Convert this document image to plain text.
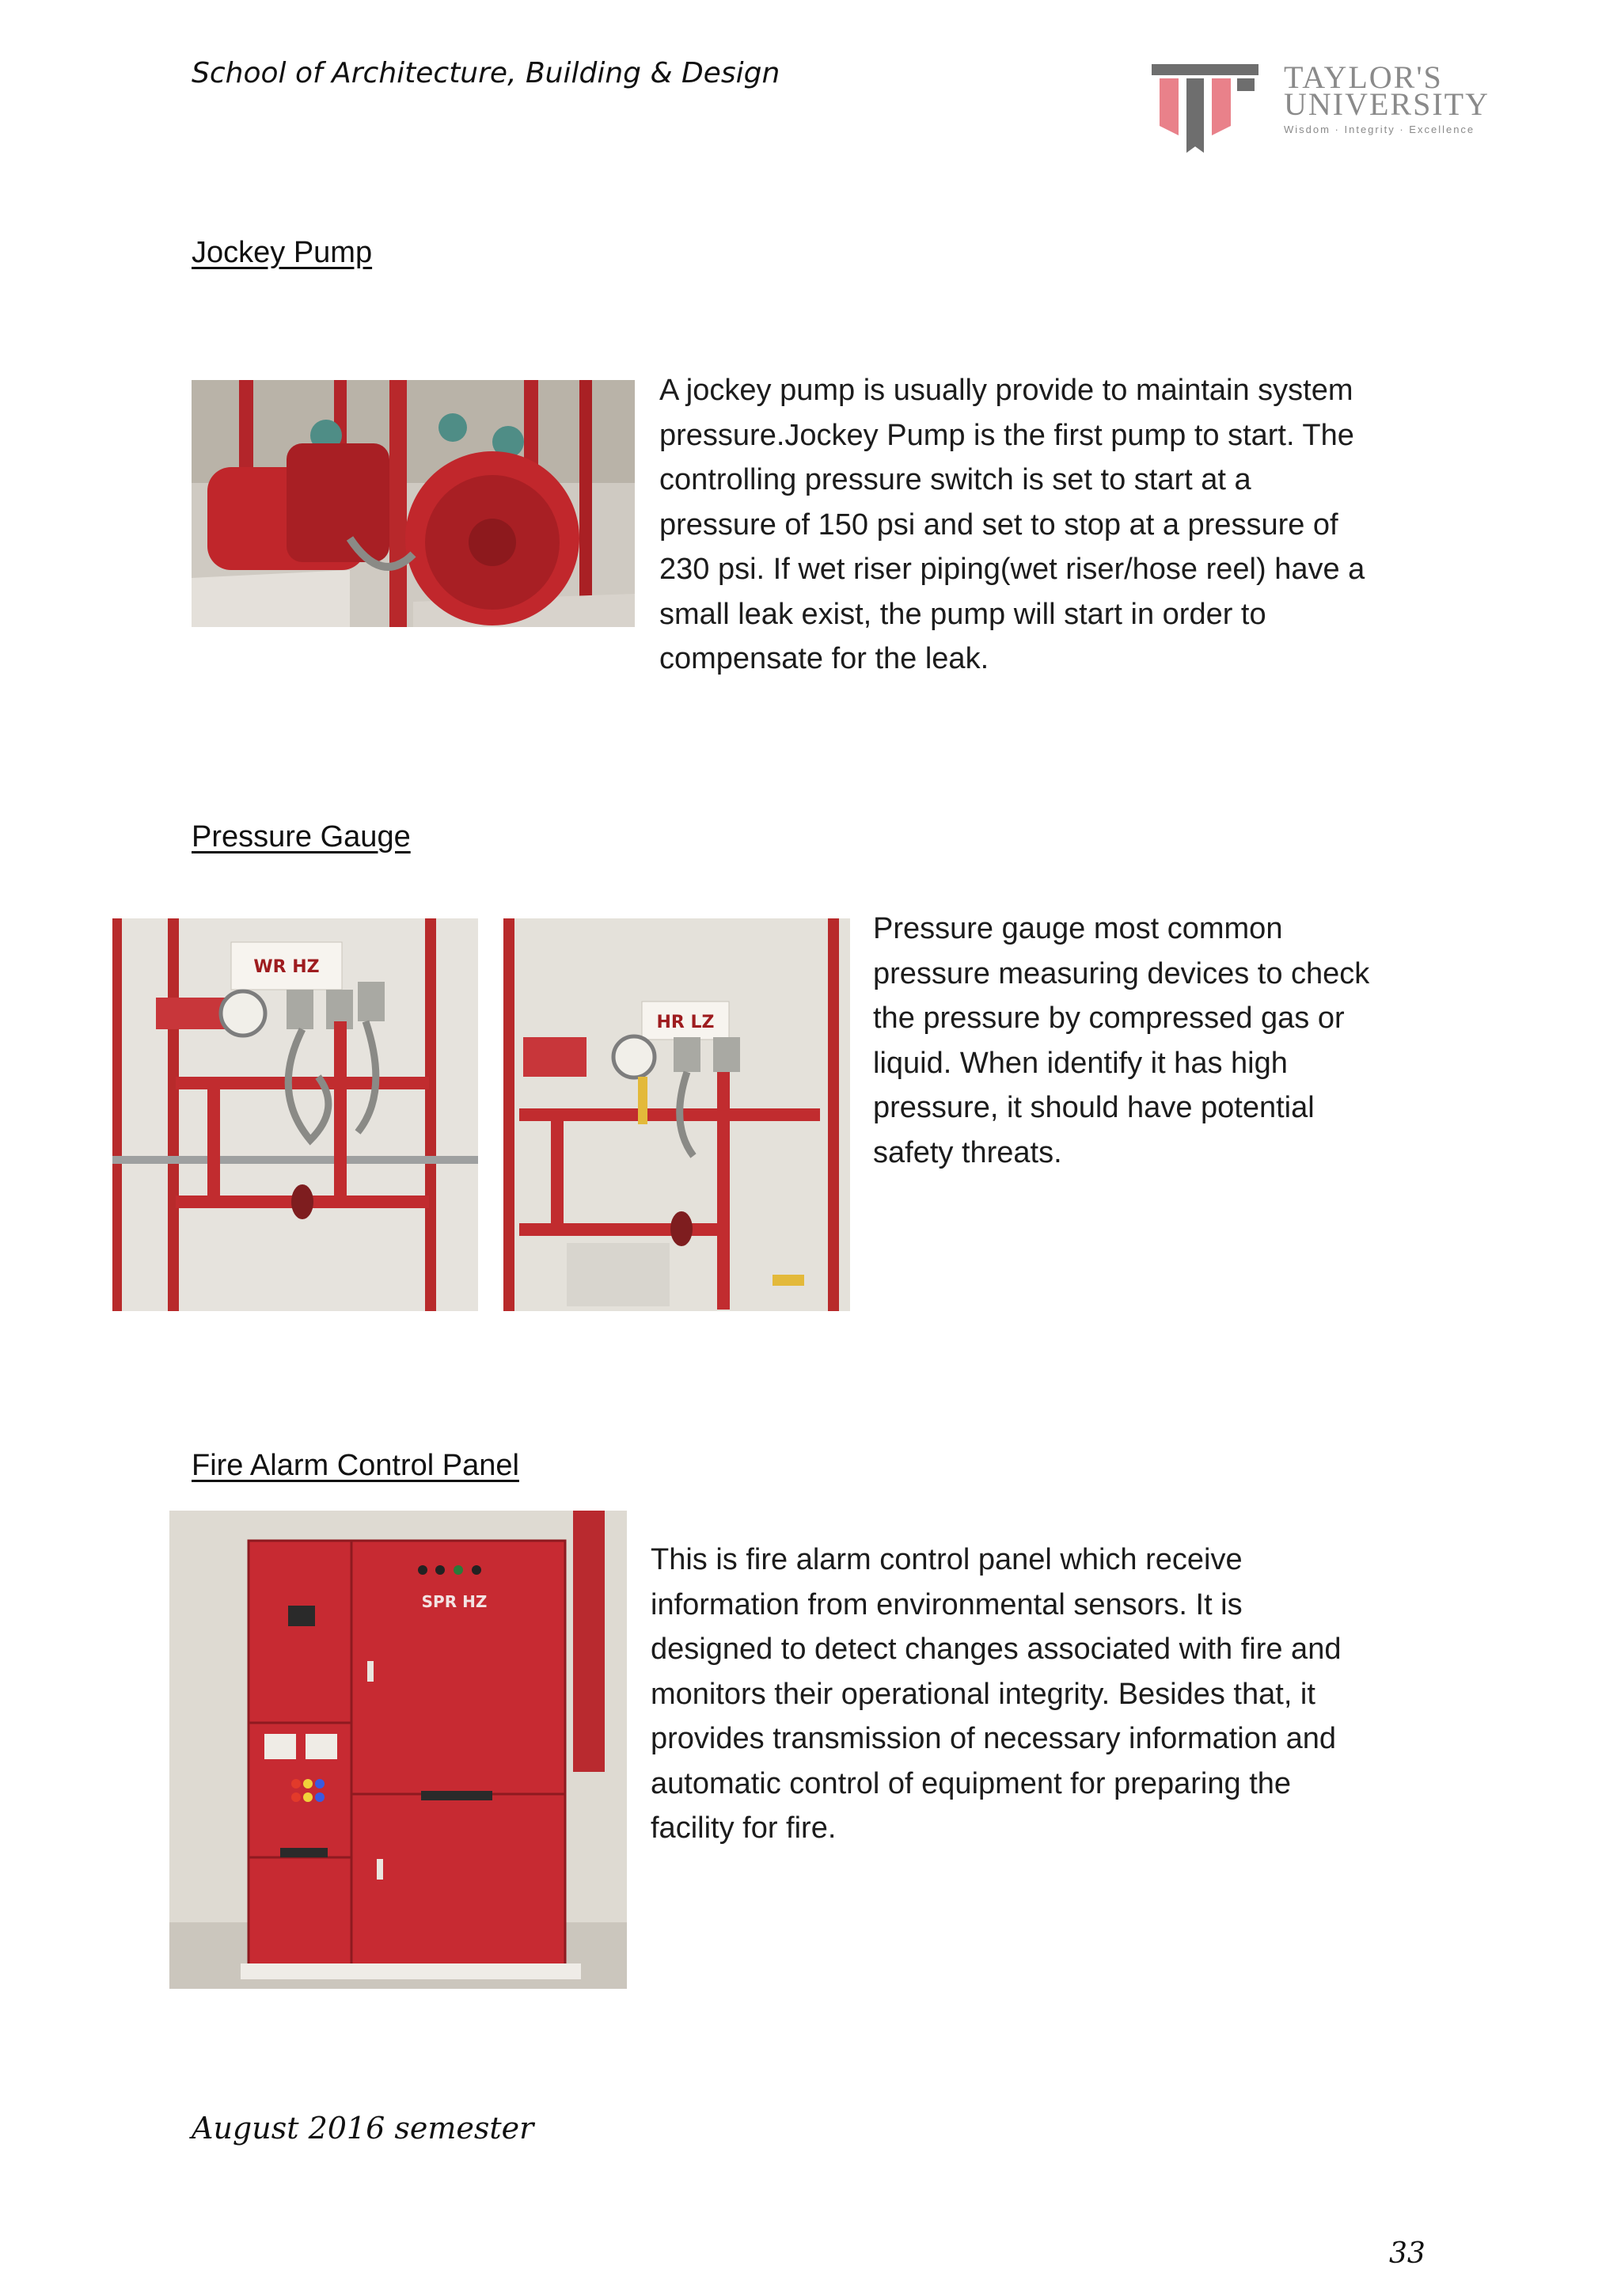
School of Architecture, Building & Design	TAYLOR'S
UNIVERSITY
Wisdom · Integrity · Excellence
Jockey Pump
A jockey pump is usually provide to maintain system
pressure.Jockey Pump is the first pump to start. The
controlling pressure switch is set to start at a
pressure of 150 psi and set to stop at a pressure of
230 psi. If wet riser piping(wet riser/hose reel) have a
small leak exist, the pump will start in order to
compensate for the leak.
Pressure Gauge
WR HZ
HR LZ
Pressure gauge most common
pressure measuring devices to check
the pressure by compressed gas or
liquid. When identify it has high
pressure, it should have potential
safety threats.
Fire Alarm Control Panel
SPR HZ
This is fire alarm control panel which receive
information from environmental sensors. It is
designed to detect changes associated with fire and
monitors their operational integrity. Besides that, it
provides transmission of necessary information and
automatic control of equipment for preparing the
facility for fire.
August 2016 semester
33
